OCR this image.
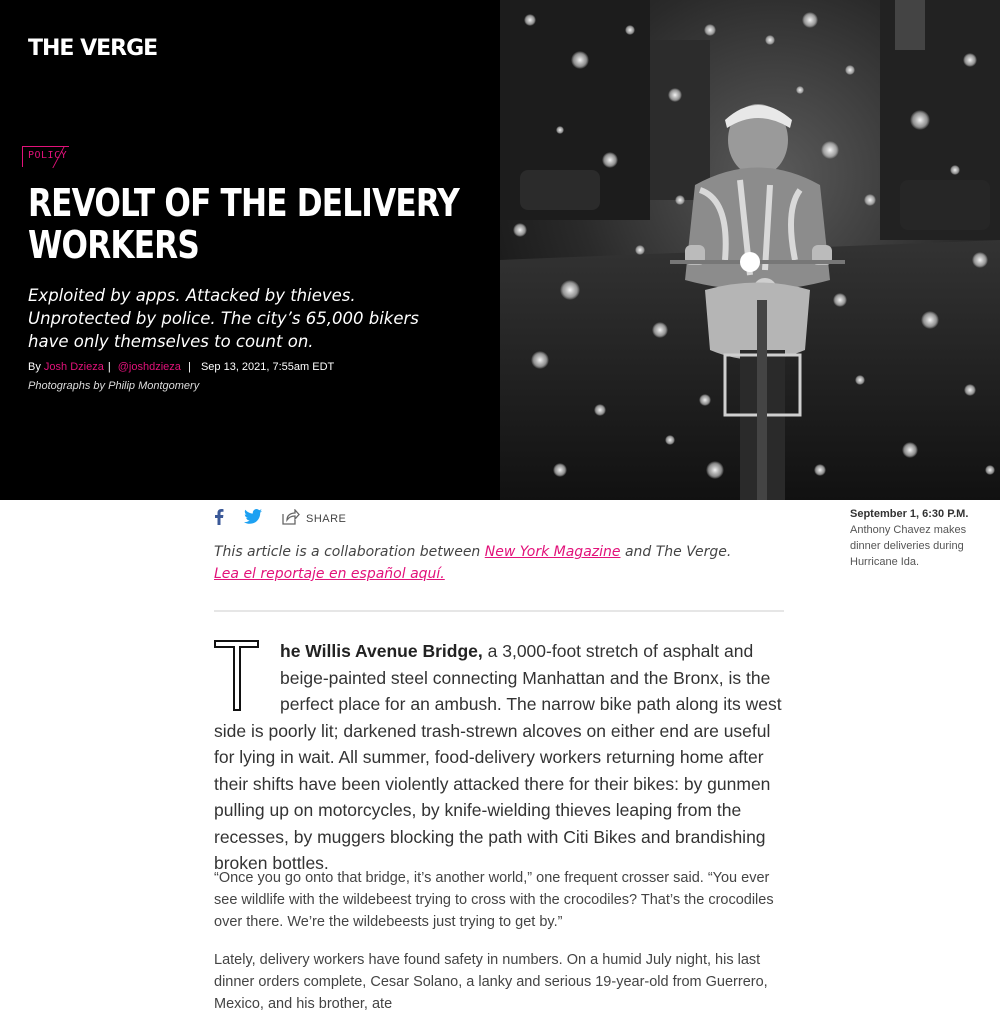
THE VERGE
POLICY
REVOLT OF THE DELIVERY WORKERS

Exploited by apps. Attacked by thieves. Unprotected by police. The city’s 65,000 bikers have only themselves to count on.

By Josh Dzieza | @joshdzieza |  Sep 13, 2021, 7:55am EDT
Photographs by Philip Montgomery
SHARE	September 1, 6:30 P.M.
Anthony Chavez makes dinner deliveries during Hurricane Ida.
This article is a collaboration between New York Magazine and The Verge.
Lea el reportaje en español aquí.

he Willis Avenue Bridge, a 3,000-foot stretch of asphalt and beige-painted steel connecting Manhattan and the Bronx, is the perfect place for an ambush. The narrow bike path along its west side is poorly lit; darkened trash-strewn alcoves on either end are useful for lying in wait. All summer, food-delivery workers returning home after their shifts have been violently attacked there for their bikes: by gunmen pulling up on motorcycles, by knife-wielding thieves leaping from the recesses, by muggers blocking the path with Citi Bikes and brandishing broken bottles.

“Once you go onto that bridge, it’s another world,” one frequent crosser said. “You ever see wildlife with the wildebeest trying to cross with the crocodiles? That’s the crocodiles over there. We’re the wildebeests just trying to get by.”

Lately, delivery workers have found safety in numbers. On a humid July night, his last dinner orders complete, Cesar Solano, a lanky and serious 19-year-old from Guerrero, Mexico, and his brother, ate
